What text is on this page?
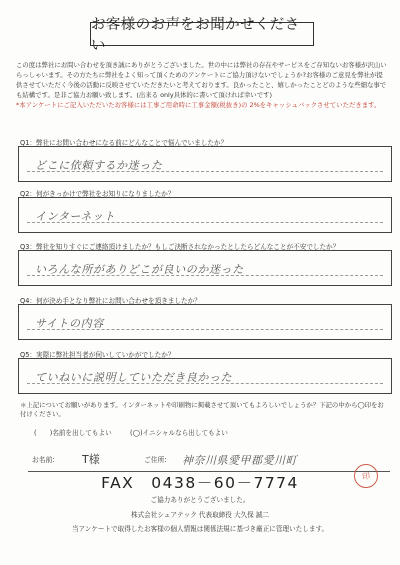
お客様のお声をお聞かせください
この度は弊社にお問い合わせを頂き誠にありがとうございました。世の中には弊社の存在やサービスをご存知ないお客様が沢山いらっしゃいます。その方たちに弊社をよく知って頂くためのアンケートにご協力頂けないでしょうか?お客様のご意見を弊社が提供させていただく今後の活動に反映させていただきたいと考えております。良かったこと、嬉しかったことどのような些細な事でも結構です。是非ご協力お願い致します。(出来る only具体的に書いて頂ければ幸いです)
*本アンケートにご記入いただいたお客様には工事ご用命時に工事金額(税抜き)の 2%をキャッシュバックさせていただきます。
Q1：弊社にお問い合わせになる前にどんなことで悩んでいましたか？
どこに依頼するか迷った
Q2：何がきっかけで弊社をお知りになりましたか？
インターネット
Q3：弊社を知りすぐにご連絡頂けましたか？もしご決断されなかったとしたらどんなことが不安でしたか？
いろんな所がありどこが良いのか迷った
Q4：何が決め手となり弊社にお問い合わせを頂きましたか？
サイトの内容
Q5：実際に弊社担当者が伺いしていかがでしたか？
ていねいに説明していただき良かった
＊上記についてお願いがあります。インターネットや印刷物に掲載させて頂いてもよろしいでしょうか？下記の中から◯印をお付けください。
(　　)名前を出してもよい	(◯)イニシャルなら出してもよい
お名前: T様	ご住所: 神奈川県愛甲郡愛川町
FAX　0438－60－7774	印
ご協力ありがとうございました。
株式会社シェアテック 代表取締役 大久保 誠二
当アンケートで取得したお客様の個人情報は関係法規に基づき厳正に管理いたします。
